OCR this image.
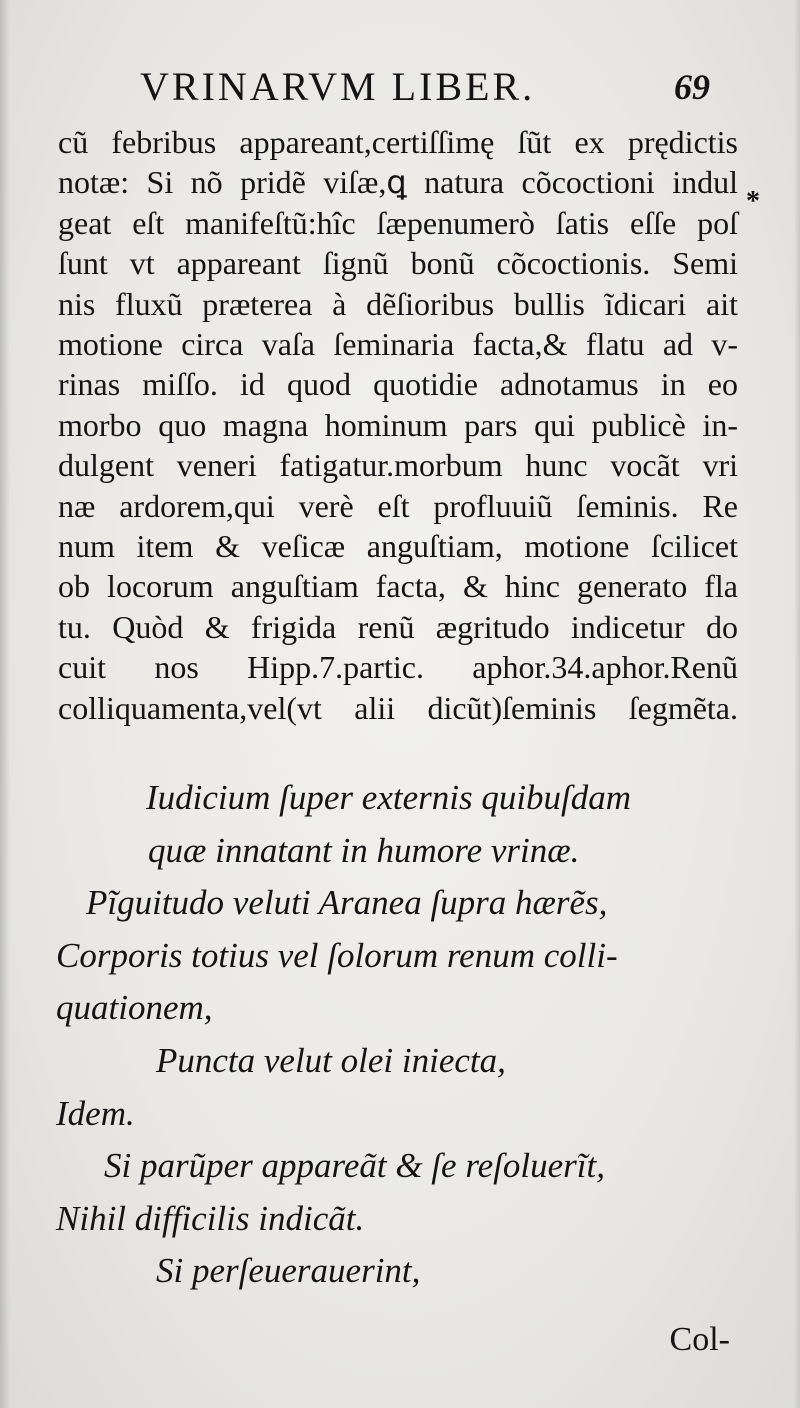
VRINARVM LIBER.	69
*
cũ febribus appareant,certiſſimę ſũt ex prędictis
notæ: Si nõ pridẽ viſæ,ꝗ natura cõcoctioni indul
geat eſt manifeſtũ:hîc ſæpenumerò ſatis eſſe poſ
ſunt vt appareant ſignũ bonũ cõcoctionis. Semi
nis fluxũ præterea à dẽſioribus bullis ĩdicari ait
motione circa vaſa ſeminaria facta,& flatu ad v-
rinas miſſo. id quod quotidie adnotamus in eo
morbo quo magna hominum pars qui publicè in-
dulgent veneri fatigatur.morbum hunc vocãt vri
næ ardorem,qui verè eſt profluuiũ ſeminis. Re
num item & veſicæ anguſtiam, motione ſcilicet
ob locorum anguſtiam facta, & hinc generato fla
tu. Quòd & frigida renũ ægritudo indicetur do
cuit nos Hipp.7.partic. aphor.34.aphor.Renũ
colliquamenta,vel(vt alii dicũt)ſeminis ſegmẽta.
Iudicium ſuper externis quibuſdam
quæ innatant in humore vrinæ.
Pĩguitudo veluti Aranea ſupra hærẽs,
Corporis totius vel ſolorum renum colli-
quationem,
Puncta velut olei iniecta,
Idem.
Si parũper appareãt & ſe reſoluerĩt,
Nihil difficilis indicãt.
Si perſeuerauerint,
Col-
